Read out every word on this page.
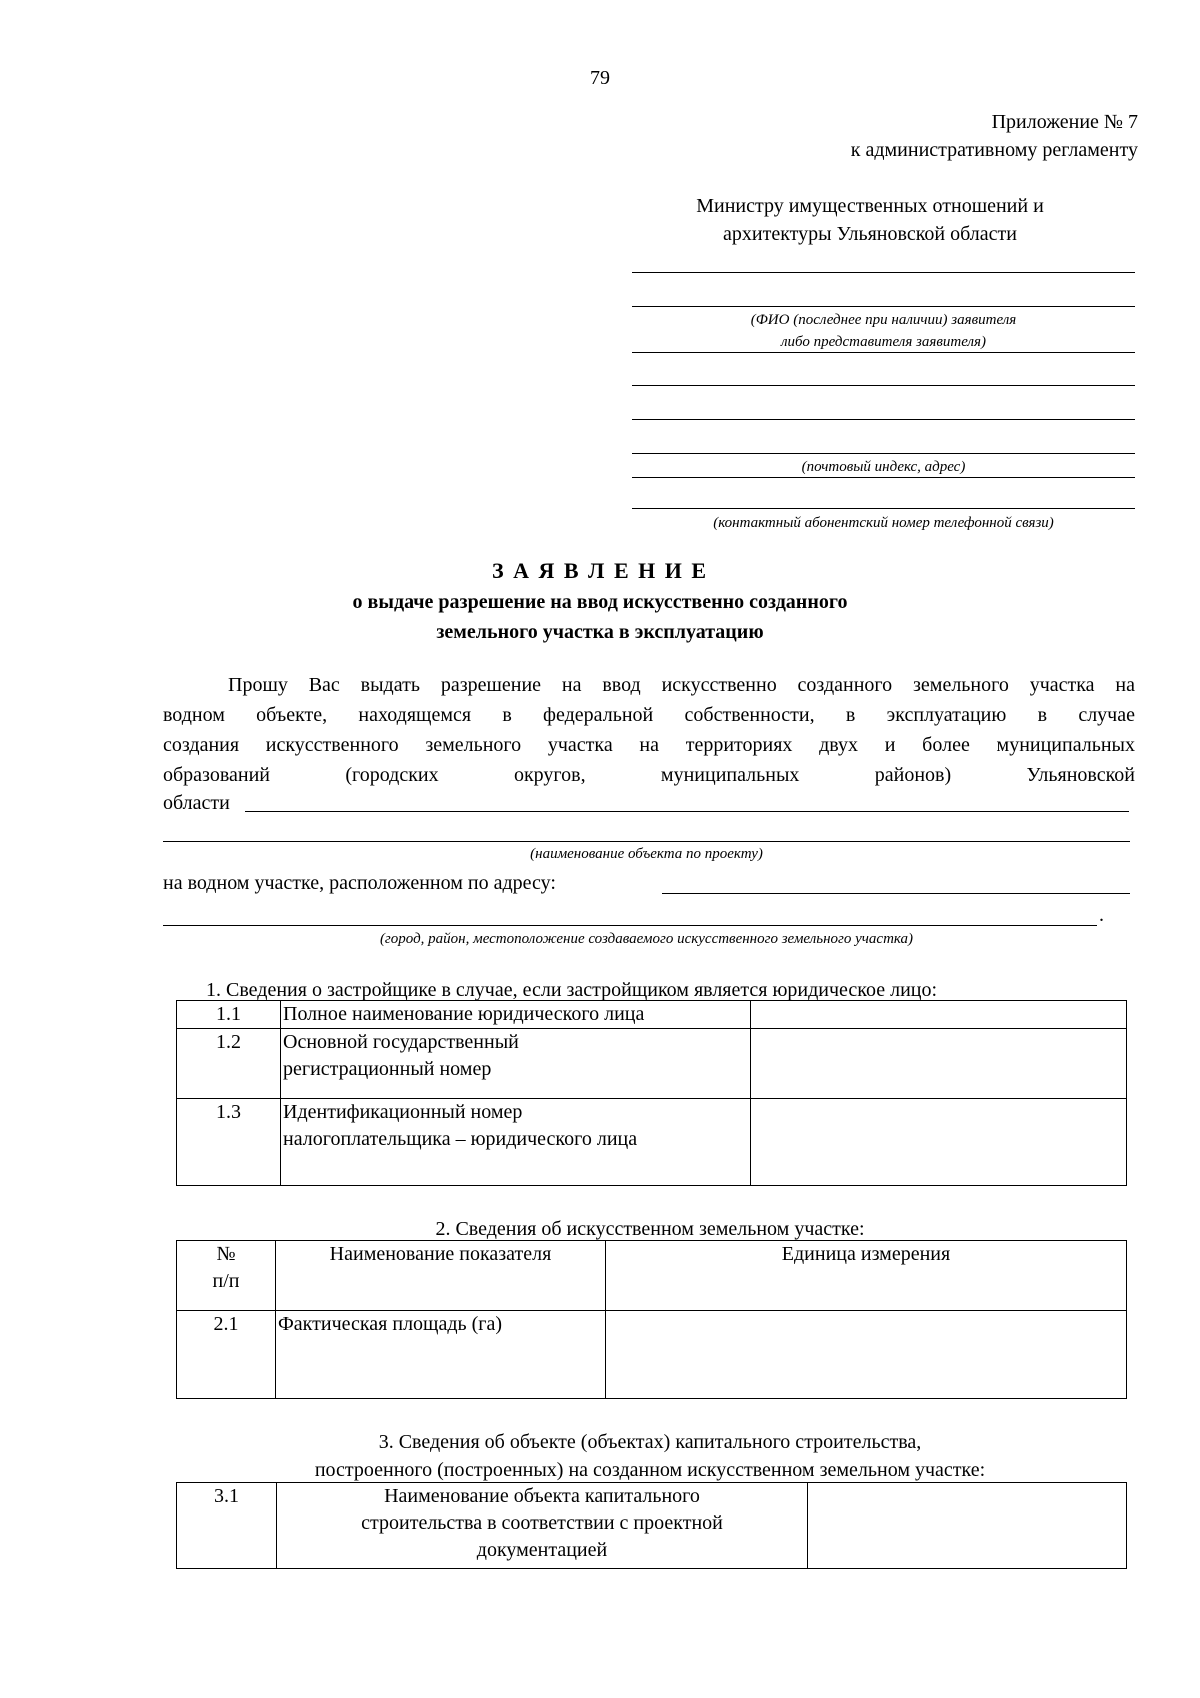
79
Приложение № 7
к административному регламенту
Министру имущественных отношений и
архитектуры Ульяновской области
(ФИО (последнее при наличии) заявителя
либо представителя заявителя)
(почтовый индекс, адрес)
(контактный абонентский номер телефонной связи)
З А Я В Л Е Н И Е
о выдаче разрешение на ввод искусственно созданного
земельного участка в эксплуатацию
Прошу Вас выдать разрешение на ввод искусственно созданного земельного участка на
водном объекте, находящемся в федеральной собственности, в эксплуатацию в случае
создания искусственного земельного участка на территориях двух и более муниципальных
образований (городских округов, муниципальных районов) Ульяновской
области
(наименование объекта по проекту)
на водном участке, расположенном по адресу:
.
(город, район, местоположение создаваемого искусственного земельного участка)
1. Сведения о застройщике в случае, если застройщиком является юридическое лицо:
1.1	Полное наименование юридического лица	
1.2	Основной государственный
регистрационный номер	

1.3	Идентификационный номер
налогоплательщика – юридического лица	

2. Сведения об искусственном земельном участке:
№
п/п	Наименование показателя	Единица измерения
2.1	Фактическая площадь (га)	
3. Сведения об объекте (объектах) капитального строительства,
построенного (построенных) на созданном искусственном земельном участке:
3.1	Наименование объекта капитального
строительства в соответствии с проектной
документацией
